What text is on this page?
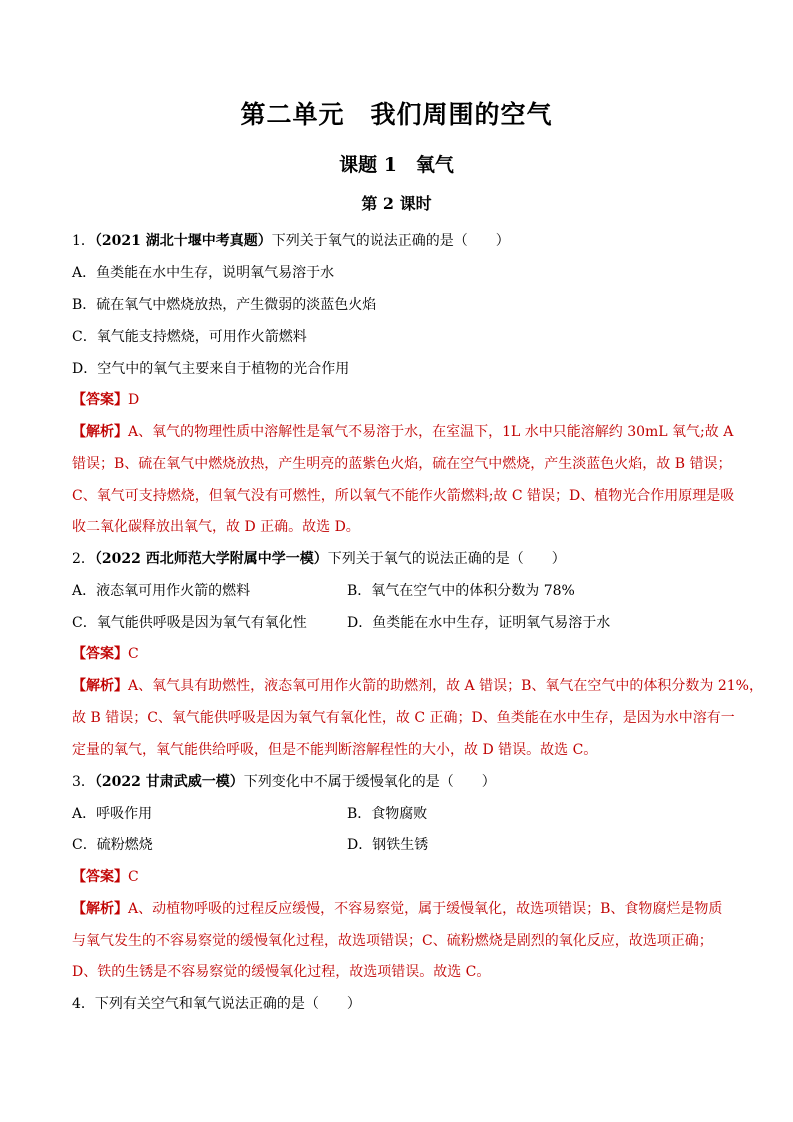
第二单元　我们周围的空气
课题 1　氧气
第 2 课时
1．（2021 湖北十堰中考真题）下列关于氧气的说法正确的是（　　）
A．鱼类能在水中生存，说明氧气易溶于水
B．硫在氧气中燃烧放热，产生微弱的淡蓝色火焰
C．氧气能支持燃烧，可用作火箭燃料
D．空气中的氧气主要来自于植物的光合作用
【答案】D
【解析】A、氧气的物理性质中溶解性是氧气不易溶于水，在室温下，1L 水中只能溶解约 30mL 氧气;故 A
错误；B、硫在氧气中燃烧放热，产生明亮的蓝紫色火焰，硫在空气中燃烧，产生淡蓝色火焰，故 B 错误；
C、氧气可支持燃烧，但氧气没有可燃性，所以氧气不能作火箭燃料;故 C 错误；D、植物光合作用原理是吸
收二氧化碳释放出氧气，故 D 正确。故选 D。
2．（2022 西北师范大学附属中学一模）下列关于氧气的说法正确的是（　　）
A．液态氧可用作火箭的燃料	B．氧气在空气中的体积分数为 78%
C．氧气能供呼吸是因为氧气有氧化性	D．鱼类能在水中生存，证明氧气易溶于水
【答案】C
【解析】A、氧气具有助燃性，液态氧可用作火箭的助燃剂，故 A 错误；B、氧气在空气中的体积分数为 21%，
故 B 错误；C、氧气能供呼吸是因为氧气有氧化性，故 C 正确；D、鱼类能在水中生存，是因为水中溶有一
定量的氧气，氧气能供给呼吸，但是不能判断溶解程性的大小，故 D 错误。故选 C。
3．（2022 甘肃武威一模）下列变化中不属于缓慢氧化的是（　　）
A．呼吸作用	B．食物腐败
C．硫粉燃烧	D．钢铁生锈
【答案】C
【解析】A、动植物呼吸的过程反应缓慢，不容易察觉，属于缓慢氧化，故选项错误；B、食物腐烂是物质
与氧气发生的不容易察觉的缓慢氧化过程，故选项错误；C、硫粉燃烧是剧烈的氧化反应，故选项正确；
D、铁的生锈是不容易察觉的缓慢氧化过程，故选项错误。故选 C。
4．下列有关空气和氧气说法正确的是（　　）
